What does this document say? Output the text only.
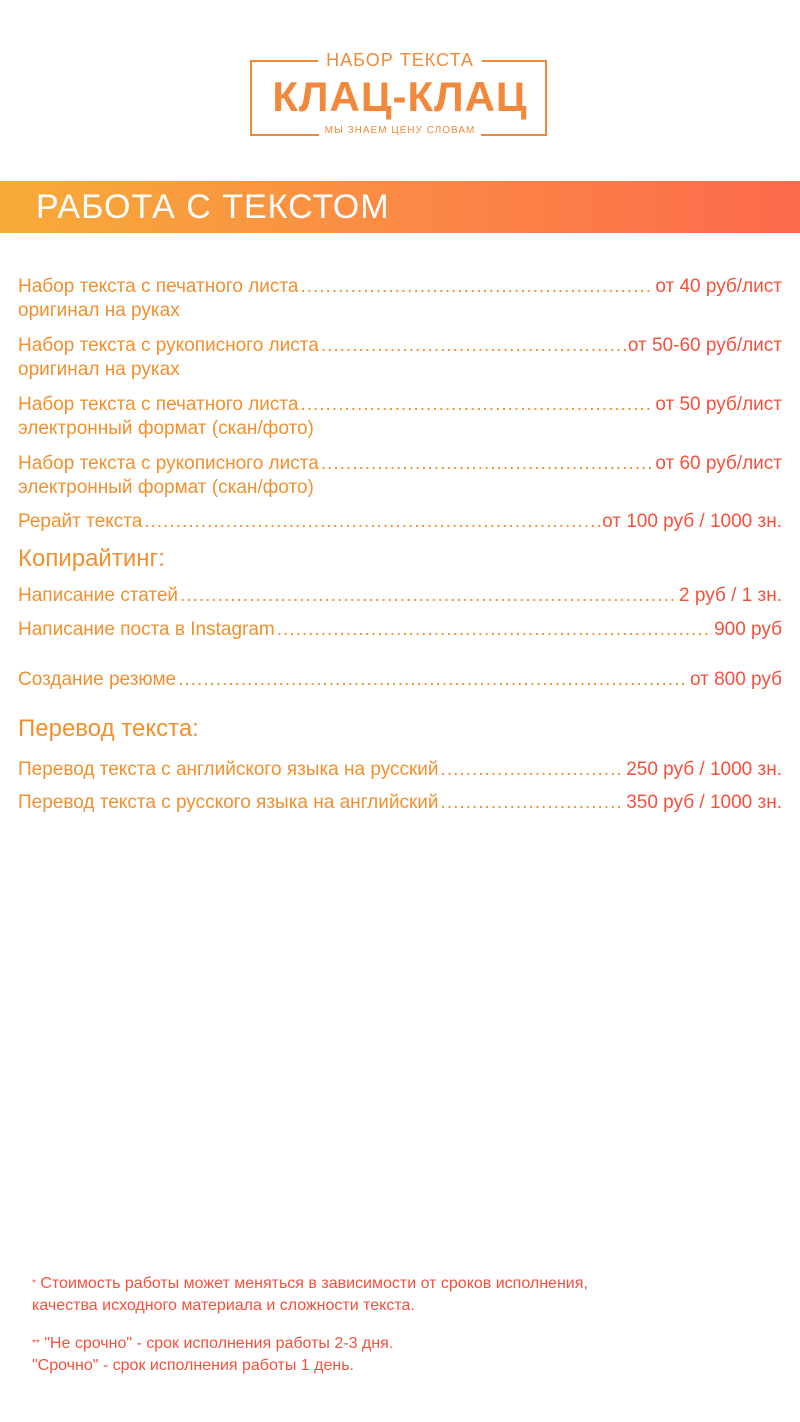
НАБОР ТЕКСТА
КЛАЦ-КЛАЦ
МЫ ЗНАЕМ ЦЕНУ СЛОВАМ
РАБОТА С ТЕКСТОМ
Набор текста с печатного листа .....	от 40 руб/лист
оригинал на руках
Набор текста с рукописного листа .....	от 50-60 руб/лист
оригинал на руках
Набор текста с печатного листа .....	от 50 руб/лист
электронный формат (скан/фото)
Набор текста с рукописного листа .....	от 60 руб/лист
электронный формат (скан/фото)
Рерайт текста .....	от 100 руб / 1000 зн.
Копирайтинг:
Написание статей .....	2 руб / 1 зн.
Написание поста в Instagram .....	900 руб
Создание резюме .....	от 800 руб
Перевод текста:
Перевод текста с английского языка на русский .....	250 руб / 1000 зн.
Перевод текста с русского языка на английский .....	350 руб / 1000 зн.
* Стоимость работы может меняться в зависимости от сроков исполнения,
качества исходного материала и сложности текста.
** "Не срочно" - срок исполнения работы 2-3 дня.
"Срочно" - срок исполнения работы 1 день.
